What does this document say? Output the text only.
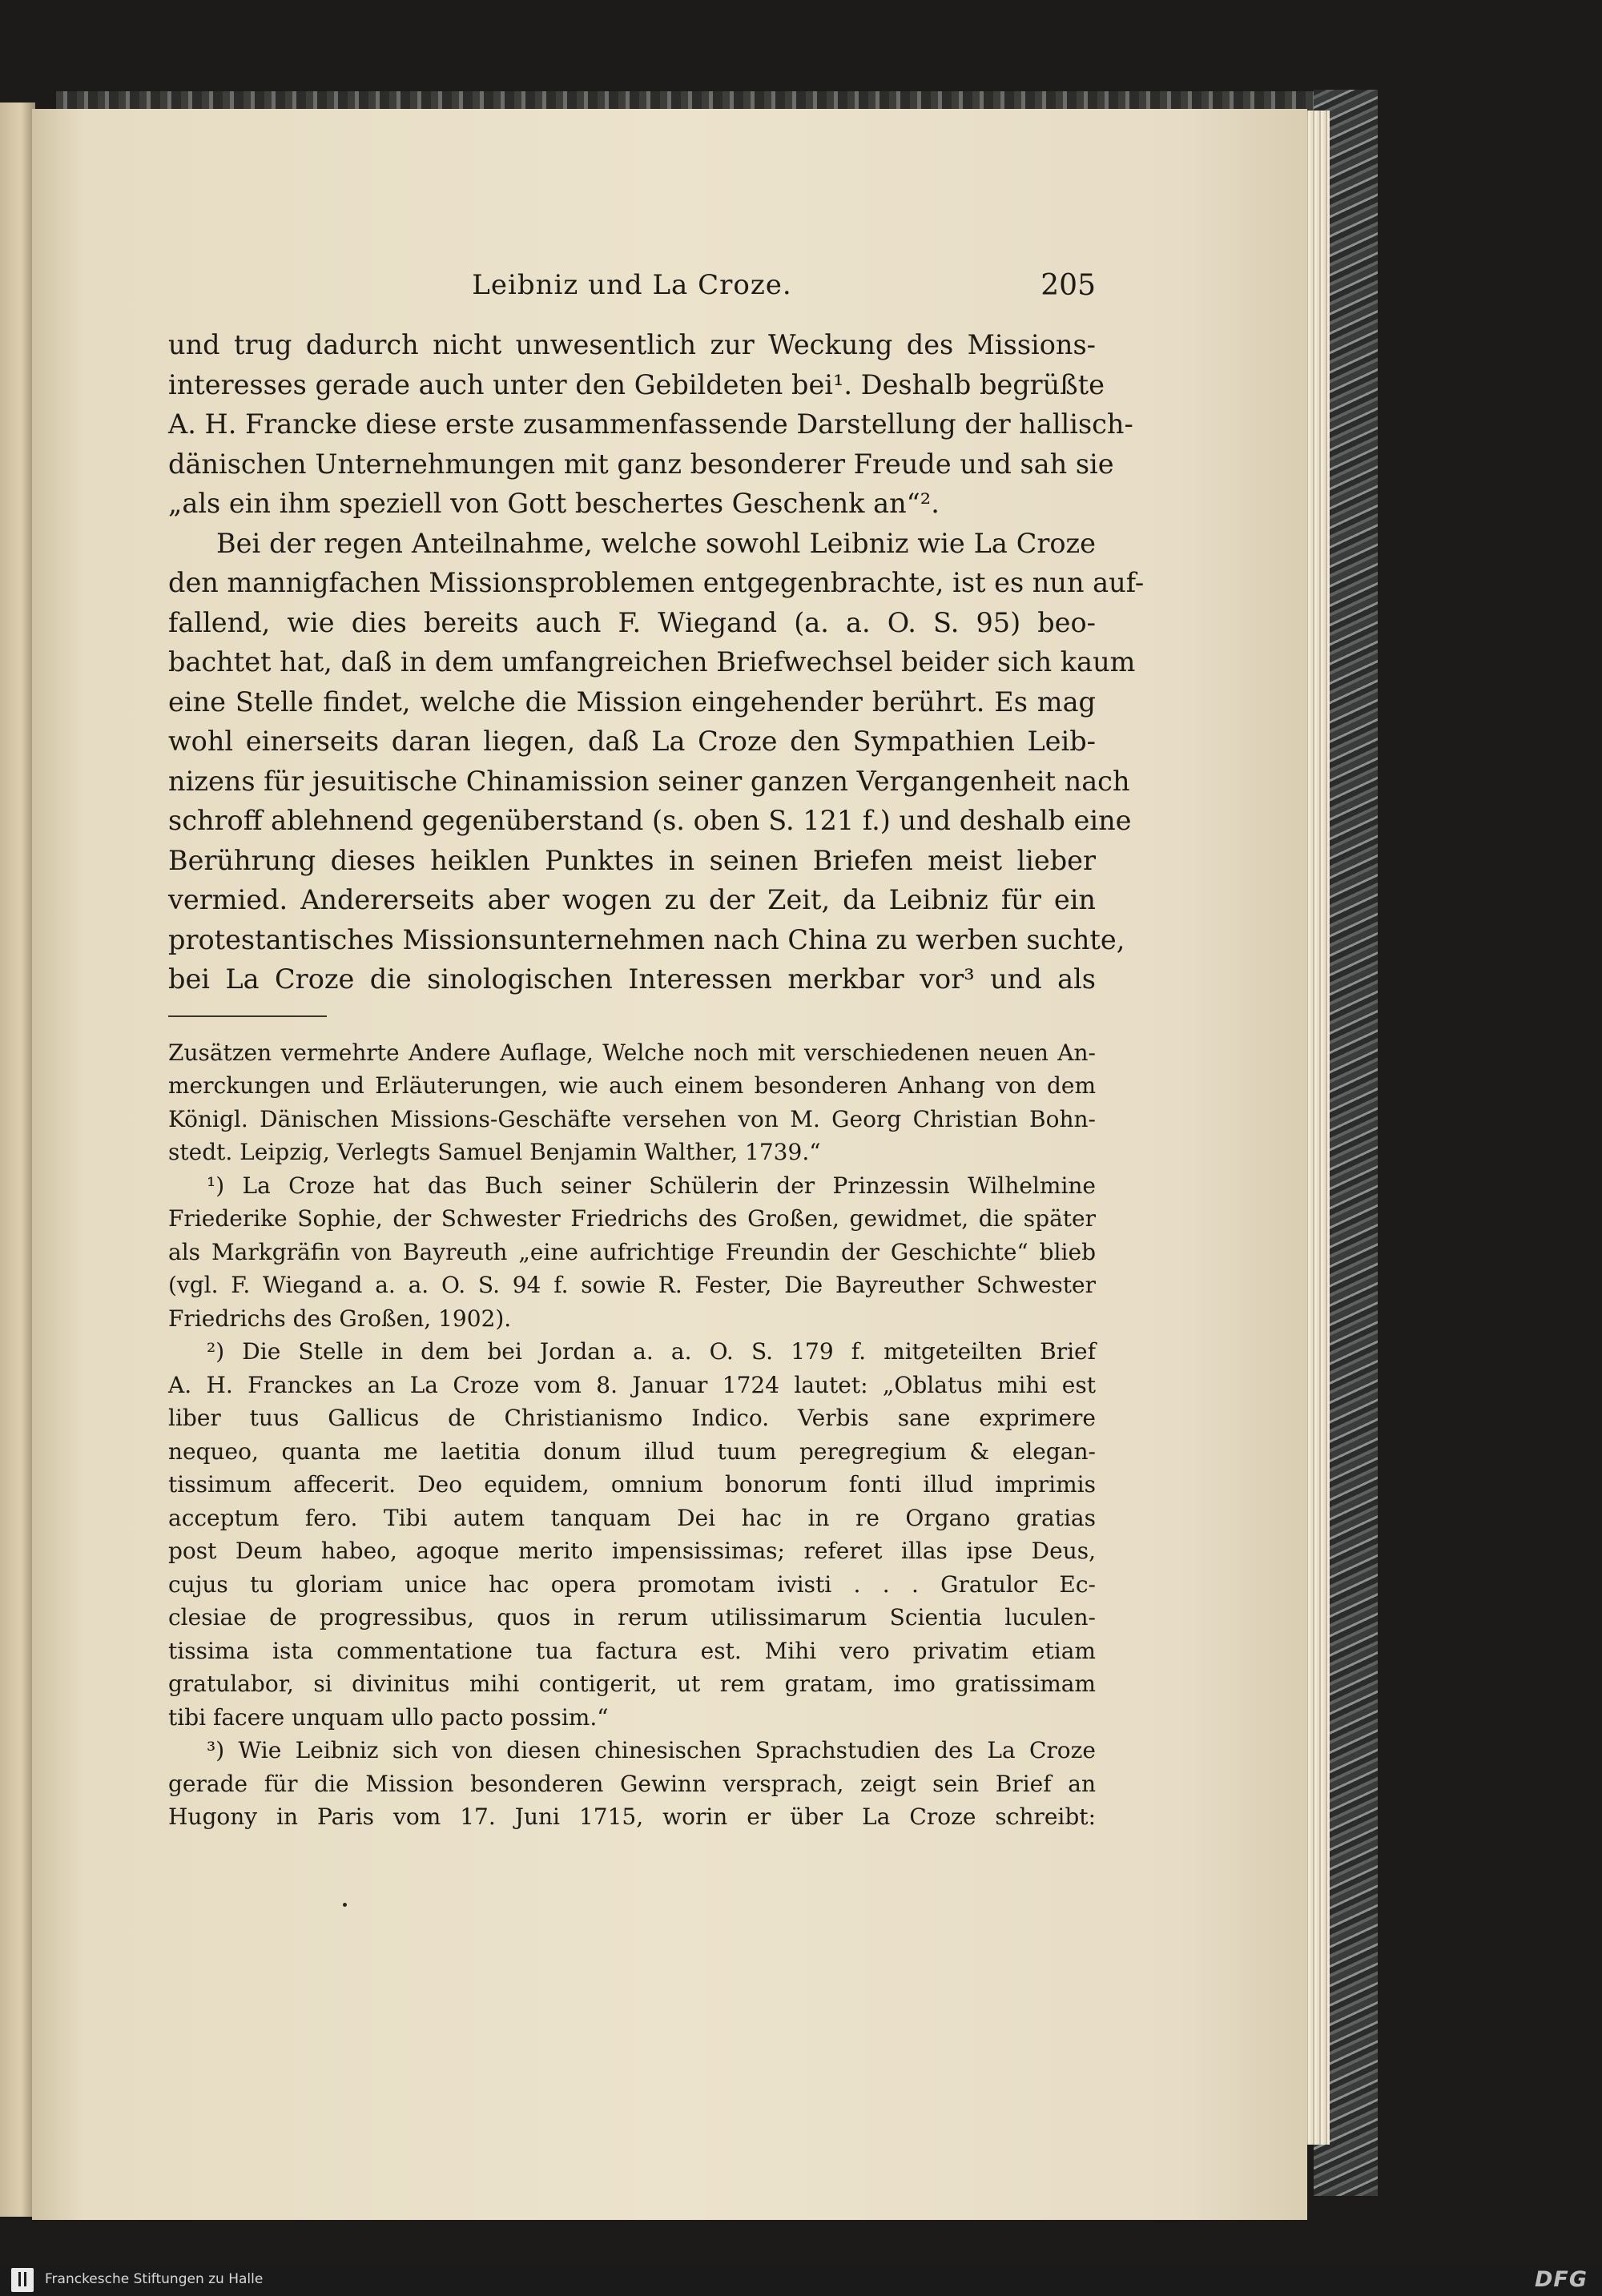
Leibniz und La Croze.	205
und trug dadurch nicht unwesentlich zur Weckung des Missions-
interesses gerade auch unter den Gebildeten bei¹. Deshalb begrüßte
A. H. Francke diese erste zusammenfassende Darstellung der hallisch-
dänischen Unternehmungen mit ganz besonderer Freude und sah sie
„als ein ihm speziell von Gott beschertes Geschenk an“².
Bei der regen Anteilnahme, welche sowohl Leibniz wie La Croze
den mannigfachen Missionsproblemen entgegenbrachte, ist es nun auf-
fallend, wie dies bereits auch F. Wiegand (a. a. O. S. 95) beo-
bachtet hat, daß in dem umfangreichen Briefwechsel beider sich kaum
eine Stelle findet, welche die Mission eingehender berührt. Es mag
wohl einerseits daran liegen, daß La Croze den Sympathien Leib-
nizens für jesuitische Chinamission seiner ganzen Vergangenheit nach
schroff ablehnend gegenüberstand (s. oben S. 121 f.) und deshalb eine
Berührung dieses heiklen Punktes in seinen Briefen meist lieber
vermied. Andererseits aber wogen zu der Zeit, da Leibniz für ein
protestantisches Missionsunternehmen nach China zu werben suchte,
bei La Croze die sinologischen Interessen merkbar vor³ und als
Zusätzen vermehrte Andere Auflage, Welche noch mit verschiedenen neuen An-
merckungen und Erläuterungen, wie auch einem besonderen Anhang von dem
Königl. Dänischen Missions-Geschäfte versehen von M. Georg Christian Bohn-
stedt. Leipzig, Verlegts Samuel Benjamin Walther, 1739.“
¹) La Croze hat das Buch seiner Schülerin der Prinzessin Wilhelmine
Friederike Sophie, der Schwester Friedrichs des Großen, gewidmet, die später
als Markgräfin von Bayreuth „eine aufrichtige Freundin der Geschichte“ blieb
(vgl. F. Wiegand a. a. O. S. 94 f. sowie R. Fester, Die Bayreuther Schwester
Friedrichs des Großen, 1902).
²) Die Stelle in dem bei Jordan a. a. O. S. 179 f. mitgeteilten Brief
A. H. Franckes an La Croze vom 8. Januar 1724 lautet: „Oblatus mihi est
liber tuus Gallicus de Christianismo Indico. Verbis sane exprimere
nequeo, quanta me laetitia donum illud tuum peregregium & elegan-
tissimum affecerit. Deo equidem, omnium bonorum fonti illud imprimis
acceptum fero. Tibi autem tanquam Dei hac in re Organo gratias
post Deum habeo, agoque merito impensissimas; referet illas ipse Deus,
cujus tu gloriam unice hac opera promotam ivisti . . . Gratulor Ec-
clesiae de progressibus, quos in rerum utilissimarum Scientia luculen-
tissima ista commentatione tua factura est. Mihi vero privatim etiam
gratulabor, si divinitus mihi contigerit, ut rem gratam, imo gratissimam
tibi facere unquam ullo pacto possim.“
³) Wie Leibniz sich von diesen chinesischen Sprachstudien des La Croze
gerade für die Mission besonderen Gewinn versprach, zeigt sein Brief an
Hugony in Paris vom 17. Juni 1715, worin er über La Croze schreibt:
Franckesche Stiftungen zu Halle	DFG
